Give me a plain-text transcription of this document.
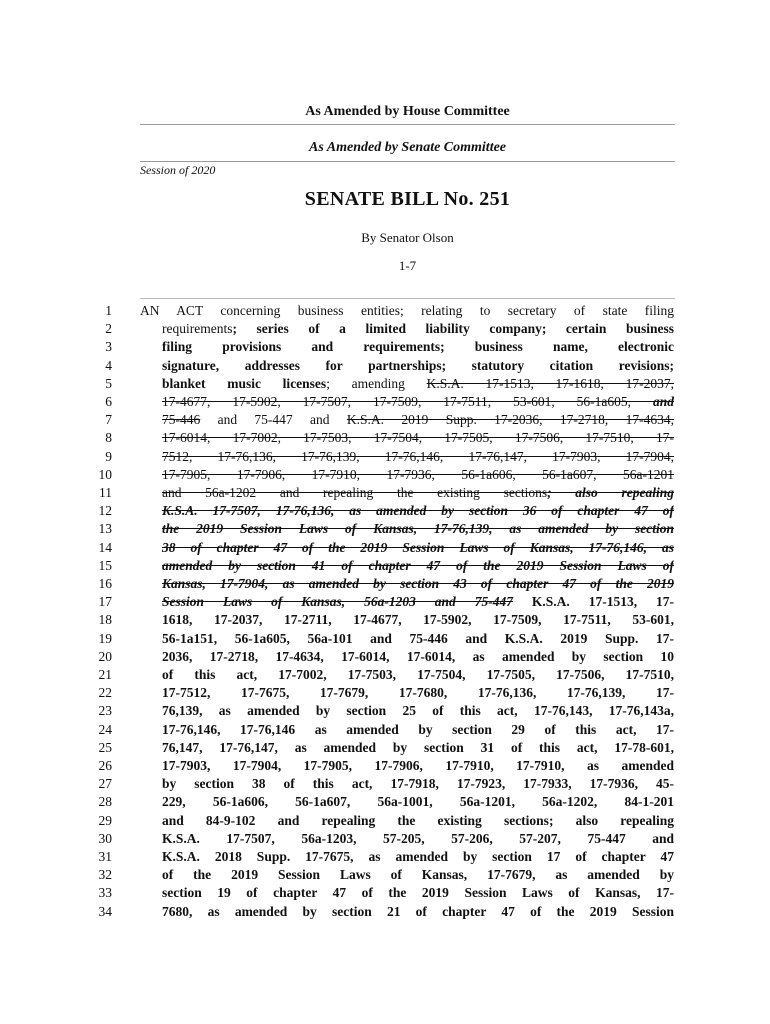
As Amended by House Committee
As Amended by Senate Committee
Session of 2020
SENATE BILL No. 251
By Senator Olson
1-7
1 AN ACT concerning business entities; relating to secretary of state filing
2	requirements; series of a limited liability company; certain business
3	filing provisions and requirements; business name, electronic
4	signature, addresses for partnerships; statutory citation revisions;
5	blanket music licenses; amending K.S.A. 17-1513, 17-1618, 17-2037,
6	17-4677, 17-5902, 17-7507, 17-7509, 17-7511, 53-601, 56-1a605, and
7	75-446 and 75-447 and K.S.A. 2019 Supp. 17-2036, 17-2718, 17-4634,
8	17-6014, 17-7002, 17-7503, 17-7504, 17-7505, 17-7506, 17-7510, 17-
9	7512, 17-76,136, 17-76,139, 17-76,146, 17-76,147, 17-7903, 17-7904,
10	17-7905, 17-7906, 17-7910, 17-7936, 56-1a606, 56-1a607, 56a-1201
11	and 56a-1202 and repealing the existing sections; also repealing
12	K.S.A. 17-7507, 17-76,136, as amended by section 36 of chapter 47 of
13	the 2019 Session Laws of Kansas, 17-76,139, as amended by section
14	38 of chapter 47 of the 2019 Session Laws of Kansas, 17-76,146, as
15	amended by section 41 of chapter 47 of the 2019 Session Laws of
16	Kansas, 17-7904, as amended by section 43 of chapter 47 of the 2019
17	Session Laws of Kansas, 56a-1203 and 75-447 K.S.A. 17-1513, 17-
18	1618, 17-2037, 17-2711, 17-4677, 17-5902, 17-7509, 17-7511, 53-601,
19	56-1a151, 56-1a605, 56a-101 and 75-446 and K.S.A. 2019 Supp. 17-
20	2036, 17-2718, 17-4634, 17-6014, 17-6014, as amended by section 10
21	of this act, 17-7002, 17-7503, 17-7504, 17-7505, 17-7506, 17-7510,
22	17-7512, 17-7675, 17-7679, 17-7680, 17-76,136, 17-76,139, 17-
23	76,139, as amended by section 25 of this act, 17-76,143, 17-76,143a,
24	17-76,146, 17-76,146 as amended by section 29 of this act, 17-
25	76,147, 17-76,147, as amended by section 31 of this act, 17-78-601,
26	17-7903, 17-7904, 17-7905, 17-7906, 17-7910, 17-7910, as amended
27	by section 38 of this act, 17-7918, 17-7923, 17-7933, 17-7936, 45-
28	229, 56-1a606, 56-1a607, 56a-1001, 56a-1201, 56a-1202, 84-1-201
29	and 84-9-102 and repealing the existing sections; also repealing
30	K.S.A. 17-7507, 56a-1203, 57-205, 57-206, 57-207, 75-447 and
31	K.S.A. 2018 Supp. 17-7675, as amended by section 17 of chapter 47
32	of the 2019 Session Laws of Kansas, 17-7679, as amended by
33	section 19 of chapter 47 of the 2019 Session Laws of Kansas, 17-
34	7680, as amended by section 21 of chapter 47 of the 2019 Session
